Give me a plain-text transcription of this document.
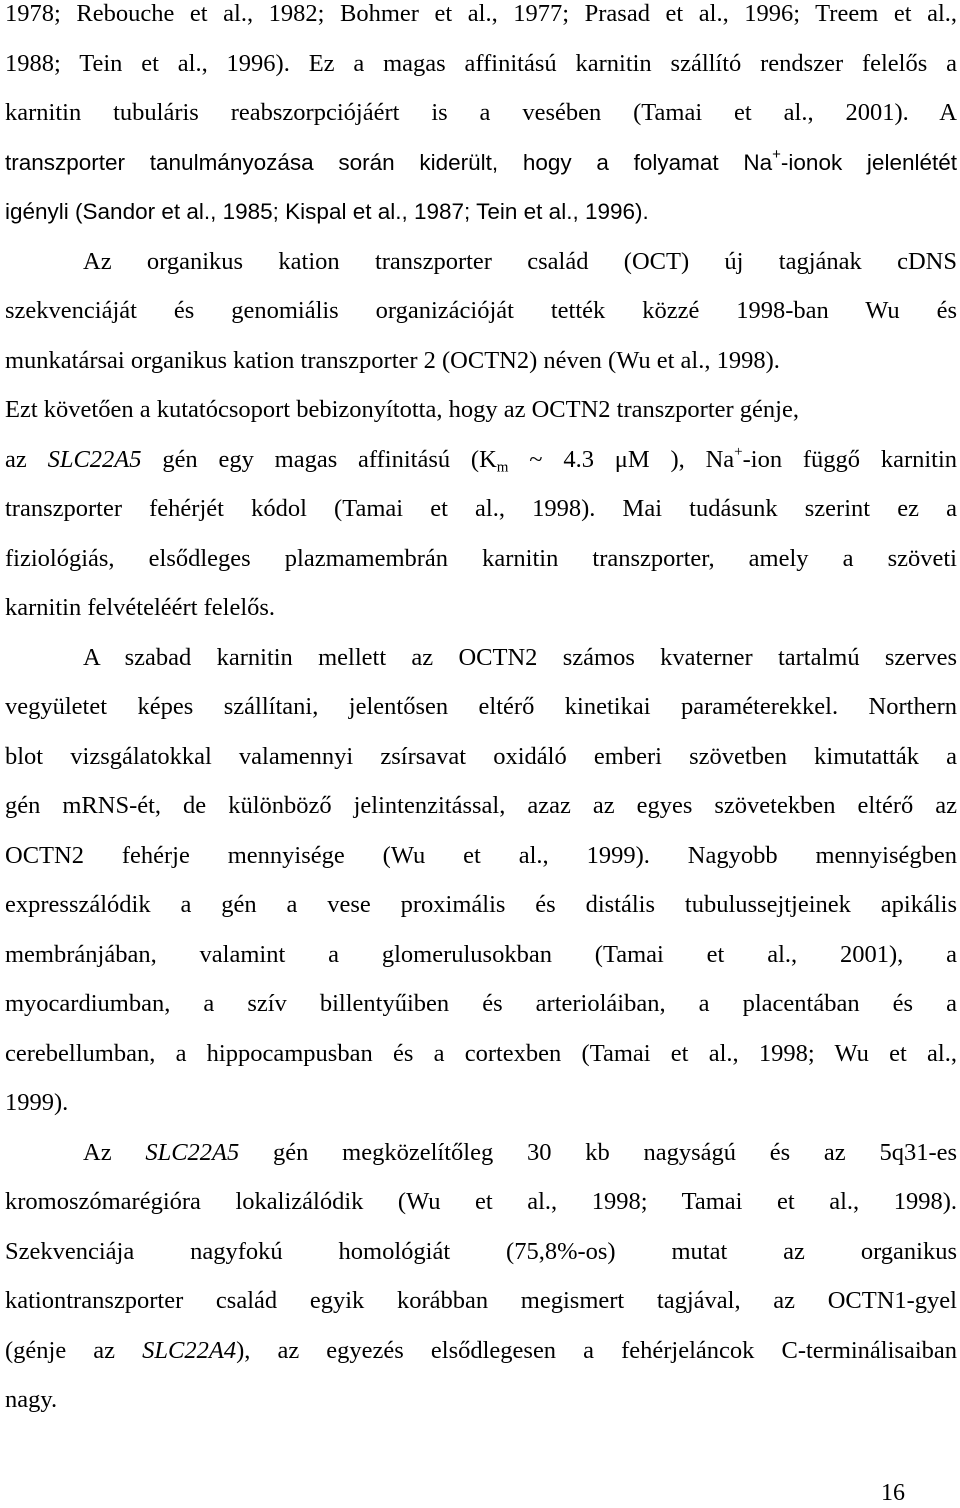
1978; Rebouche et al., 1982; Bohmer et al., 1977; Prasad et al., 1996; Treem et al.,
1988; Tein et al., 1996). Ez a magas affinitású karnitin szállító rendszer felelős a
karnitin tubuláris reabszorpciójáért is a vesében (Tamai et al., 2001). A
transzporter tanulmányozása során kiderült, hogy a folyamat Na+-ionok jelenlétét
igényli (Sandor et al., 1985; Kispal et al., 1987; Tein et al., 1996).
Az organikus kation transzporter család (OCT) új tagjának cDNS
szekvenciáját és genomiális organizációját tették közzé 1998-ban Wu és
munkatársai organikus kation transzporter 2 (OCTN2) néven (Wu et al., 1998).
Ezt követően a kutatócsoport bebizonyította, hogy az OCTN2 transzporter génje,
az SLC22A5 gén egy magas affinitású ($K_m$ ~ 4.3 μM ), Na+-ion függő karnitin
transzporter fehérjét kódol (Tamai et al., 1998). Mai tudásunk szerint ez a
fiziológiás, elsődleges plazmamembrán karnitin transzporter, amely a szöveti
karnitin felvételéért felelős.
A szabad karnitin mellett az OCTN2 számos kvaterner tartalmú szerves
vegyületet képes szállítani, jelentősen eltérő kinetikai paraméterekkel. Northern
blot vizsgálatokkal valamennyi zsírsavat oxidáló emberi szövetben kimutatták a
gén mRNS-ét, de különböző jelintenzitással, azaz az egyes szövetekben eltérő az
OCTN2 fehérje mennyisége (Wu et al., 1999). Nagyobb mennyiségben
expresszálódik a gén a vese proximális és distális tubulussejtjeinek apikális
membránjában, valamint a glomerulusokban (Tamai et al., 2001), a
myocardiumban, a szív billentyűiben és arterioláiban, a placentában és a
cerebellumban, a hippocampusban és a cortexben (Tamai et al., 1998; Wu et al.,
1999).
Az SLC22A5 gén megközelítőleg 30 kb nagyságú és az 5q31-es
kromoszómarégióra lokalizálódik (Wu et al., 1998; Tamai et al., 1998).
Szekvenciája nagyfokú homológiát (75,8%-os) mutat az organikus
kationtranszporter család egyik korábban megismert tagjával, az OCTN1-gyel
(génje az SLC22A4), az egyezés elsődlegesen a fehérjeláncok C-terminálisaiban
nagy.
16
